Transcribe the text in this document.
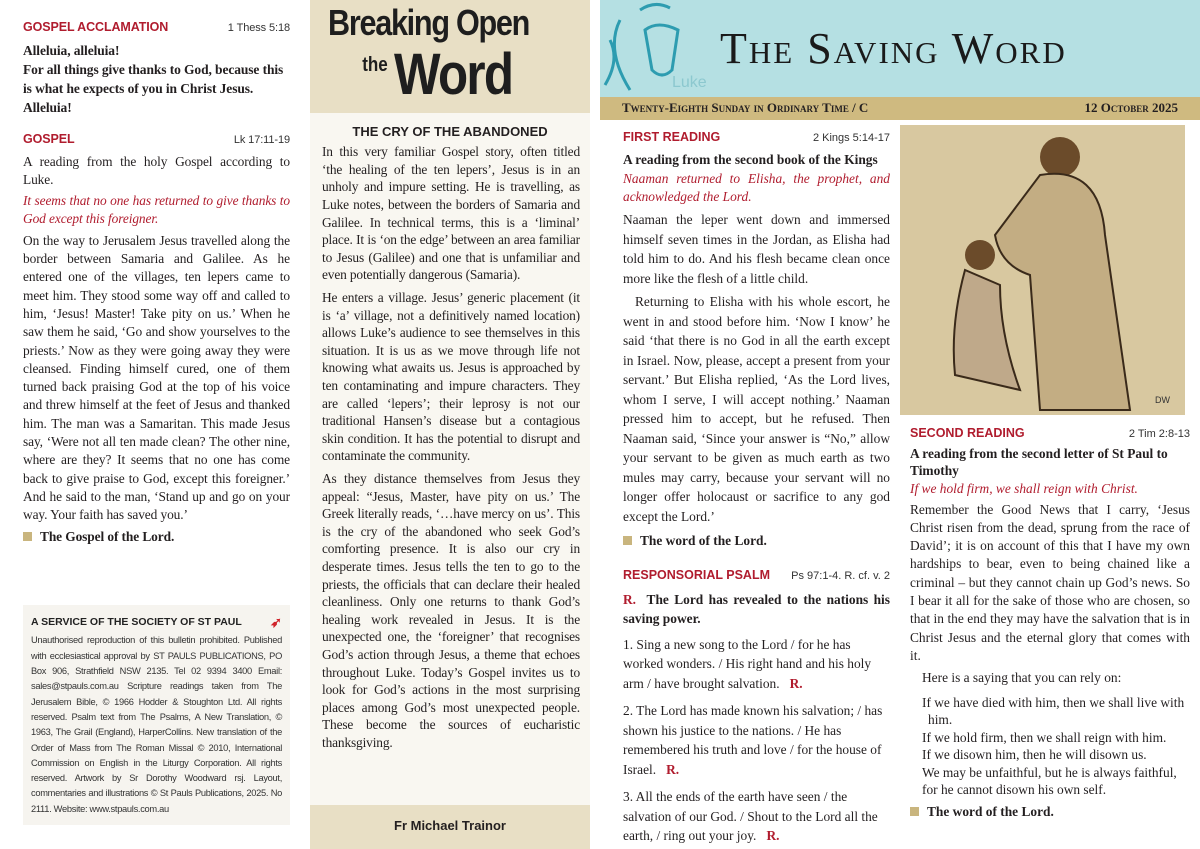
GOSPEL ACCLAMATION	1 Thess 5:18
Alleluia, alleluia!
For all things give thanks to God, because this is what he expects of you in Christ Jesus.
Alleluia!
GOSPEL	Lk 17:11-19

A reading from the holy Gospel according to Luke.

It seems that no one has returned to give thanks to God except this foreigner.

On the way to Jerusalem Jesus travelled along the border between Samaria and Galilee. As he entered one of the villages, ten lepers came to meet him. They stood some way off and called to him, ‘Jesus! Master! Take pity on us.’ When he saw them he said, ‘Go and show yourselves to the priests.’ Now as they were going away they were cleansed. Finding himself cured, one of them turned back praising God at the top of his voice and threw himself at the feet of Jesus and thanked him. The man was a Samaritan. This made Jesus say, ‘Were not all ten made clean? The other nine, where are they? It seems that no one has come back to give praise to God, except this foreigner.’ And he said to the man, ‘Stand up and go on your way. Your faith has saved you.’

The Gospel of the Lord.
A SERVICE OF THE SOCIETY OF ST PAUL ➶

Unauthorised reproduction of this bulletin prohibited. Published with ecclesiastical approval by ST PAULS PUBLICATIONS, PO Box 906, Strathfield NSW 2135. Tel 02 9394 3400 Email: sales@stpauls.com.au Scripture readings taken from The Jerusalem Bible, © 1966 Hodder & Stoughton Ltd. All rights reserved. Psalm text from The Psalms, A New Translation, © 1963, The Grail (England), HarperCollins. New translation of the Order of Mass from The Roman Missal © 2010, International Commission on English in the Liturgy Corporation. All rights reserved. Artwork by Sr Dorothy Woodward rsj. Layout, commentaries and illustrations © St Pauls Publications, 2025. No 2111. Website: www.stpauls.com.au

Breaking Open
the Word
THE CRY OF THE ABANDONED

In this very familiar Gospel story, often titled ‘the healing of the ten lepers’, Jesus is in an unholy and impure setting. He is travelling, as Luke notes, between the borders of Samaria and Galilee. In technical terms, this is a ‘liminal’ place. It is ‘on the edge’ between an area familiar to Jesus (Galilee) and one that is unfamiliar and even potentially dangerous (Samaria).

He enters a village. Jesus’ generic placement (it is ‘a’ village, not a definitively named location) allows Luke’s audience to see themselves in this situation. It is us as we move through life not knowing what awaits us. Jesus is approached by ten contaminating and impure characters. They are called ‘lepers’; their leprosy is not our traditional Hansen’s disease but a contagious skin condition. It has the potential to disrupt and contaminate the community.

As they distance themselves from Jesus they appeal: “Jesus, Master, have pity on us.’ The Greek literally reads, ‘…have mercy on us’. This is the cry of the abandoned who seek God’s comforting presence. It is also our cry in desperate times. Jesus tells the ten to go to the priests, the officials that can declare their healed cleanliness. Only one returns to thank God’s healing work revealed in Jesus. It is the unexpected one, the ‘foreigner’ that recognises God’s action through Jesus, a theme that echoes throughout Luke. Today’s Gospel invites us to look for God’s actions in the most surprising places among God’s most unexpected people. These become the sources of eucharistic thanksgiving.

Fr Michael Trainor
Luke
The Saving Word
Twenty-Eighth Sunday in Ordinary Time / C	12 October 2025
FIRST READING	2 Kings 5:14-17

A reading from the second book of the Kings

Naaman returned to Elisha, the prophet, and acknowledged the Lord.

Naaman the leper went down and immersed himself seven times in the Jordan, as Elisha had told him to do. And his flesh became clean once more like the flesh of a little child.

Returning to Elisha with his whole escort, he went in and stood before him. ‘Now I know’ he said ‘that there is no God in all the earth except in Israel. Now, please, accept a present from your servant.’ But Elisha replied, ‘As the Lord lives, whom I serve, I will accept nothing.’ Naaman pressed him to accept, but he refused. Then Naaman said, ‘Since your answer is “No,” allow your servant to be given as much earth as two mules may carry, because your servant will no longer offer holocaust or sacrifice to any god except the Lord.’

The word of the Lord.
RESPONSORIAL PSALM Ps 97:1-4. R. cf. v. 2

R. The Lord has revealed to the nations his saving power.

1. Sing a new song to the Lord / for he has worked wonders. / His right hand and his holy arm / have brought salvation. R.

2. The Lord has made known his salvation; / has shown his justice to the nations. / He has remembered his truth and love / for the house of Israel. R.

3. All the ends of the earth have seen / the salvation of our God. / Shout to the Lord all the earth, / ring out your joy. R.

DW
SECOND READING	2 Tim 2:8-13

A reading from the second letter of St Paul to Timothy

If we hold firm, we shall reign with Christ.

Remember the Good News that I carry, ‘Jesus Christ risen from the dead, sprung from the race of David’; it is on account of this that I have my own hardships to bear, even to being chained like a criminal – but they cannot chain up God’s news. So I bear it all for the sake of those who are chosen, so that in the end they may have the salvation that is in Christ Jesus and the eternal glory that comes with it.

Here is a saying that you can rely on:

If we have died with him, then we shall live with him.
If we hold firm, then we shall reign with him.
If we disown him, then he will disown us.
We may be unfaithful, but he is always faithful,
for he cannot disown his own self.
The word of the Lord.
